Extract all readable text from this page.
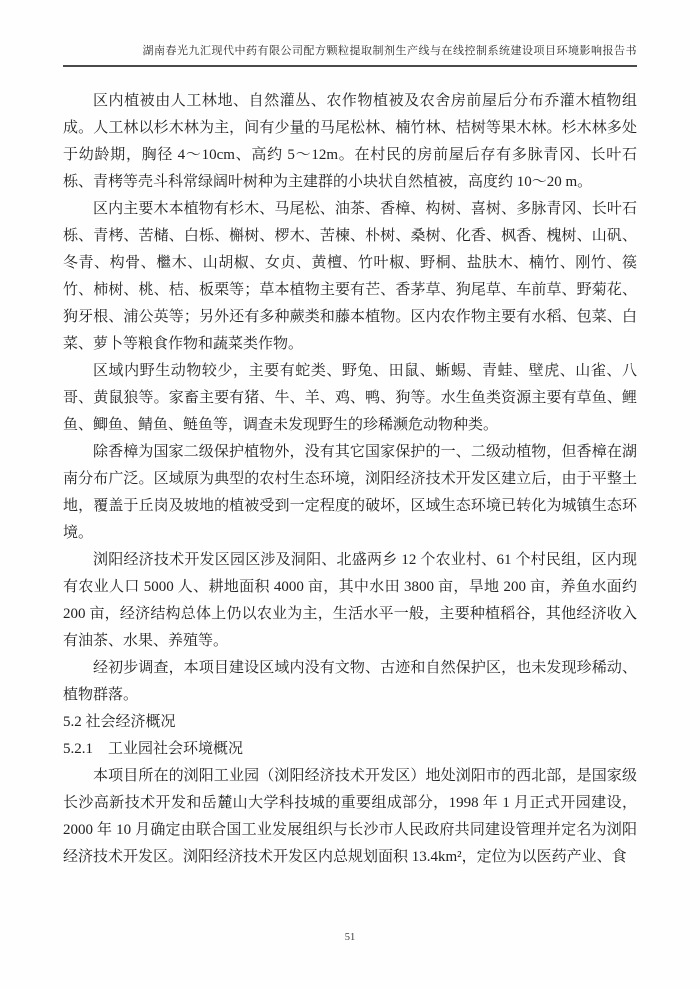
湖南春光九汇现代中药有限公司配方颗粒提取制剂生产线与在线控制系统建设项目环境影响报告书

区内植被由人工林地、自然灌丛、农作物植被及农舍房前屋后分布乔灌木植物组成。人工林以杉木林为主，间有少量的马尾松林、楠竹林、桔树等果木林。杉木林多处于幼龄期，胸径 4～10cm、高约 5～12m。在村民的房前屋后存有多脉青冈、长叶石栎、青栲等壳斗科常绿阔叶树种为主建群的小块状自然植被，高度约 10～20 m。

区内主要木本植物有杉木、马尾松、油茶、香樟、构树、喜树、多脉青冈、长叶石栎、青栲、苦槠、白栎、槲树、椤木、苦楝、朴树、桑树、化香、枫香、槐树、山矾、冬青、构骨、檵木、山胡椒、女贞、黄檀、竹叶椒、野桐、盐肤木、楠竹、刚竹、篌竹、柿树、桃、桔、板栗等；草本植物主要有芒、香茅草、狗尾草、车前草、野菊花、狗牙根、浦公英等；另外还有多种蕨类和藤本植物。区内农作物主要有水稻、包菜、白菜、萝卜等粮食作物和蔬菜类作物。

区域内野生动物较少，主要有蛇类、野兔、田鼠、蜥蜴、青蛙、壁虎、山雀、八哥、黄鼠狼等。家畜主要有猪、牛、羊、鸡、鸭、狗等。水生鱼类资源主要有草鱼、鲤鱼、鲫鱼、鲭鱼、鲢鱼等，调查未发现野生的珍稀濒危动物种类。

除香樟为国家二级保护植物外，没有其它国家保护的一、二级动植物，但香樟在湖南分布广泛。区域原为典型的农村生态环境，浏阳经济技术开发区建立后，由于平整土地，覆盖于丘岗及坡地的植被受到一定程度的破坏，区域生态环境已转化为城镇生态环境。

浏阳经济技术开发区园区涉及洞阳、北盛两乡 12 个农业村、61 个村民组，区内现有农业人口 5000 人、耕地面积 4000 亩，其中水田 3800 亩，旱地 200 亩，养鱼水面约 200 亩，经济结构总体上仍以农业为主，生活水平一般，主要种植稻谷，其他经济收入有油茶、水果、养殖等。

经初步调查，本项目建设区域内没有文物、古迹和自然保护区，也未发现珍稀动、植物群落。

5.2 社会经济概况
5.2.1　工业园社会环境概况

本项目所在的浏阳工业园（浏阳经济技术开发区）地处浏阳市的西北部，是国家级长沙高新技术开发和岳麓山大学科技城的重要组成部分，1998 年 1 月正式开园建设，2000 年 10 月确定由联合国工业发展组织与长沙市人民政府共同建设管理并定名为浏阳经济技术开发区。浏阳经济技术开发区内总规划面积 13.4km²，定位为以医药产业、食

51
